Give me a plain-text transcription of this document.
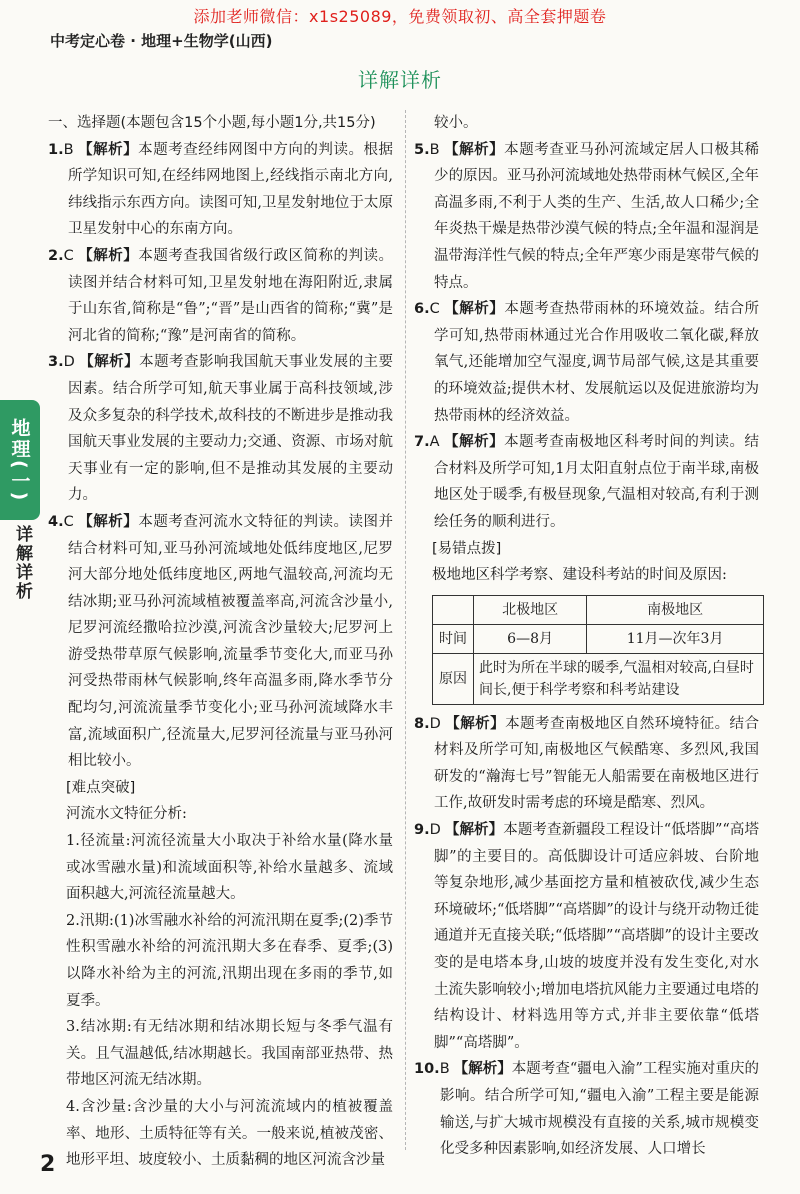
添加老师微信：x1s25089，免费领取初、高全套押题卷
中考定心卷 · 地理+生物学(山西)
详解详析
地理(一)
详解详析

一、选择题(本题包含15个小题,每小题1分,共15分)

1.B 【解析】本题考查经纬网图中方向的判读。根据所学知识可知,在经纬网地图上,经线指示南北方向,纬线指示东西方向。读图可知,卫星发射地位于太原卫星发射中心的东南方向。

2.C 【解析】本题考查我国省级行政区简称的判读。读图并结合材料可知,卫星发射地在海阳附近,隶属于山东省,简称是“鲁”;“晋”是山西省的简称;“冀”是河北省的简称;“豫”是河南省的简称。

3.D 【解析】本题考查影响我国航天事业发展的主要因素。结合所学可知,航天事业属于高科技领域,涉及众多复杂的科学技术,故科技的不断进步是推动我国航天事业发展的主要动力;交通、资源、市场对航天事业有一定的影响,但不是推动其发展的主要动力。

4.C 【解析】本题考查河流水文特征的判读。读图并结合材料可知,亚马孙河流域地处低纬度地区,尼罗河大部分地处低纬度地区,两地气温较高,河流均无结冰期;亚马孙河流域植被覆盖率高,河流含沙量小,尼罗河流经撒哈拉沙漠,河流含沙量较大;尼罗河上游受热带草原气候影响,流量季节变化大,而亚马孙河受热带雨林气候影响,终年高温多雨,降水季节分配均匀,河流流量季节变化小;亚马孙河流域降水丰富,流域面积广,径流量大,尼罗河径流量与亚马孙河相比较小。

[难点突破]

河流水文特征分析:

1.径流量:河流径流量大小取决于补给水量(降水量或冰雪融水量)和流域面积等,补给水量越多、流域面积越大,河流径流量越大。

2.汛期:(1)冰雪融水补给的河流汛期在夏季;(2)季节性积雪融水补给的河流汛期大多在春季、夏季;(3)以降水补给为主的河流,汛期出现在多雨的季节,如夏季。

3.结冰期:有无结冰期和结冰期长短与冬季气温有关。且气温越低,结冰期越长。我国南部亚热带、热带地区河流无结冰期。

4.含沙量:含沙量的大小与河流流域内的植被覆盖率、地形、土质特征等有关。一般来说,植被茂密、地形平坦、坡度较小、土质黏稠的地区河流含沙量

较小。

5.B 【解析】本题考查亚马孙河流域定居人口极其稀少的原因。亚马孙河流域地处热带雨林气候区,全年高温多雨,不利于人类的生产、生活,故人口稀少;全年炎热干燥是热带沙漠气候的特点;全年温和湿润是温带海洋性气候的特点;全年严寒少雨是寒带气候的特点。

6.C 【解析】本题考查热带雨林的环境效益。结合所学可知,热带雨林通过光合作用吸收二氧化碳,释放氧气,还能增加空气湿度,调节局部气候,这是其重要的环境效益;提供木材、发展航运以及促进旅游均为热带雨林的经济效益。

7.A 【解析】本题考查南极地区科考时间的判读。结合材料及所学可知,1月太阳直射点位于南半球,南极地区处于暖季,有极昼现象,气温相对较高,有利于测绘任务的顺利进行。

[易错点拨]

极地地区科学考察、建设科考站的时间及原因:

	北极地区	南极地区
时间	6—8月	11月—次年3月
原因	此时为所在半球的暖季,气温相对较高,白昼时间长,便于科学考察和科考站建设	

8.D 【解析】本题考查南极地区自然环境特征。结合材料及所学可知,南极地区气候酷寒、多烈风,我国研发的“瀚海七号”智能无人船需要在南极地区进行工作,故研发时需考虑的环境是酷寒、烈风。

9.D 【解析】本题考查新疆段工程设计“低塔脚”“高塔脚”的主要目的。高低脚设计可适应斜坡、台阶地等复杂地形,减少基面挖方量和植被砍伐,减少生态环境破坏;“低塔脚”“高塔脚”的设计与绕开动物迁徙通道并无直接关联;“低塔脚”“高塔脚”的设计主要改变的是电塔本身,山坡的坡度并没有发生变化,对水土流失影响较小;增加电塔抗风能力主要通过电塔的结构设计、材料选用等方式,并非主要依靠“低塔脚”“高塔脚”。

10.B 【解析】本题考查“疆电入渝”工程实施对重庆的影响。结合所学可知,“疆电入渝”工程主要是能源输送,与扩大城市规模没有直接的关系,城市规模变化受多种因素影响,如经济发展、人口增长

2
